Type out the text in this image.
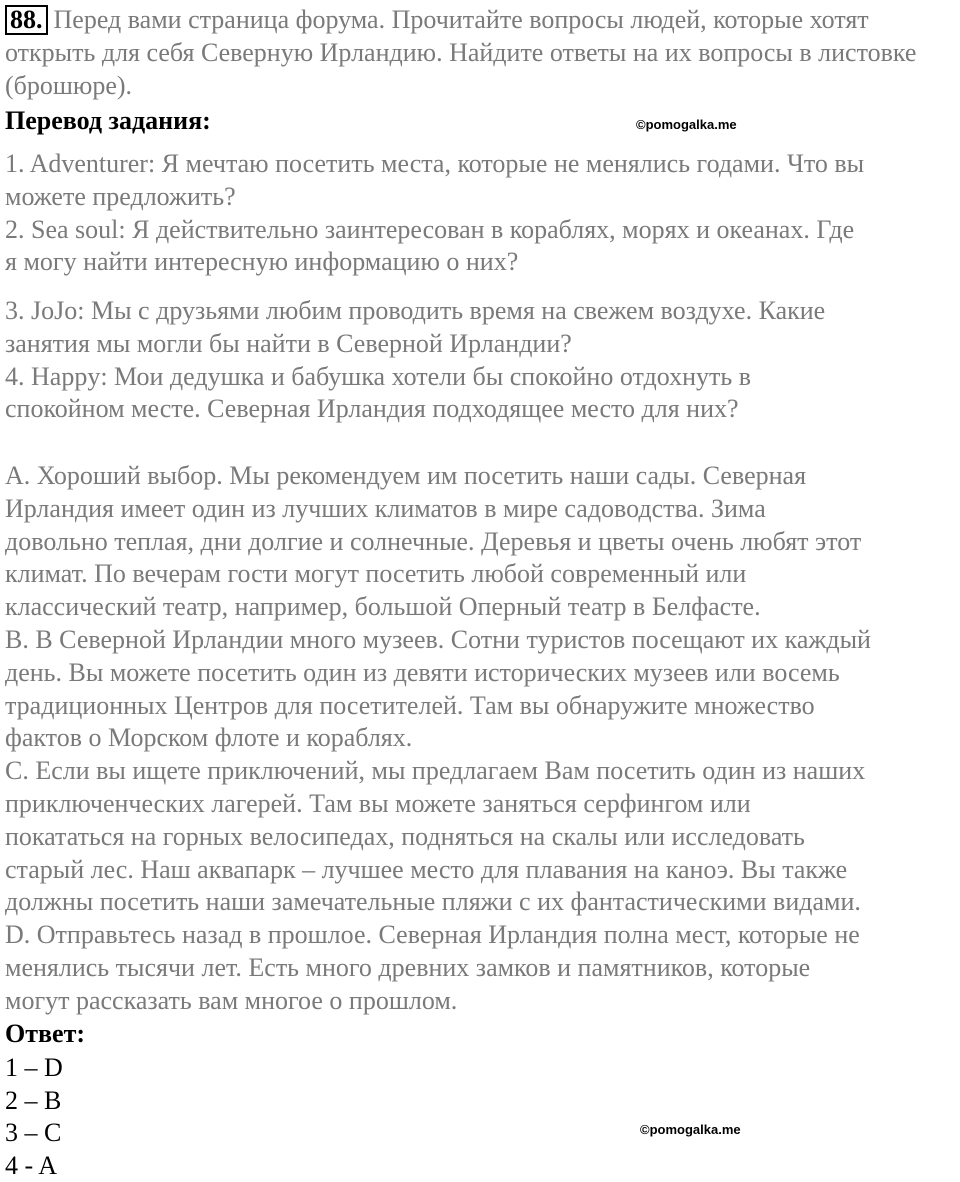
88. Перед вами страница форума. Прочитайте вопросы людей, которые хотят открыть для себя Северную Ирландию. Найдите ответы на их вопросы в листовке (брошюре).

Перевод задания:	©pomogalka.me

1. Adventurer: Я мечтаю посетить места, которые не менялись годами. Что вы
можете предложить?
2. Sea soul: Я действительно заинтересован в кораблях, морях и океанах. Где
я могу найти интересную информацию о них?

3. JoJo: Мы с друзьями любим проводить время на свежем воздухе. Какие
занятия мы могли бы найти в Северной Ирландии?
4. Happy: Мои дедушка и бабушка хотели бы спокойно отдохнуть в
спокойном месте. Северная Ирландия подходящее место для них?

A. Хороший выбор. Мы рекомендуем им посетить наши сады. Северная
Ирландия имеет один из лучших климатов в мире садоводства. Зима
довольно теплая, дни долгие и солнечные. Деревья и цветы очень любят этот
климат. По вечерам гости могут посетить любой современный или
классический театр, например, большой Оперный театр в Белфасте.
B. В Северной Ирландии много музеев. Сотни туристов посещают их каждый
день. Вы можете посетить один из девяти исторических музеев или восемь
традиционных Центров для посетителей. Там вы обнаружите множество
фактов о Морском флоте и кораблях.
C. Если вы ищете приключений, мы предлагаем Вам посетить один из наших
приключенческих лагерей. Там вы можете заняться серфингом или
покататься на горных велосипедах, подняться на скалы или исследовать
старый лес. Наш аквапарк – лучшее место для плавания на каноэ. Вы также
должны посетить наши замечательные пляжи с их фантастическими видами.
D. Отправьтесь назад в прошлое. Северная Ирландия полна мест, которые не
менялись тысячи лет. Есть много древних замков и памятников, которые
могут рассказать вам многое о прошлом.

Ответ:
1 – D
2 – B
3 – C
4 - A
©pomogalka.me
